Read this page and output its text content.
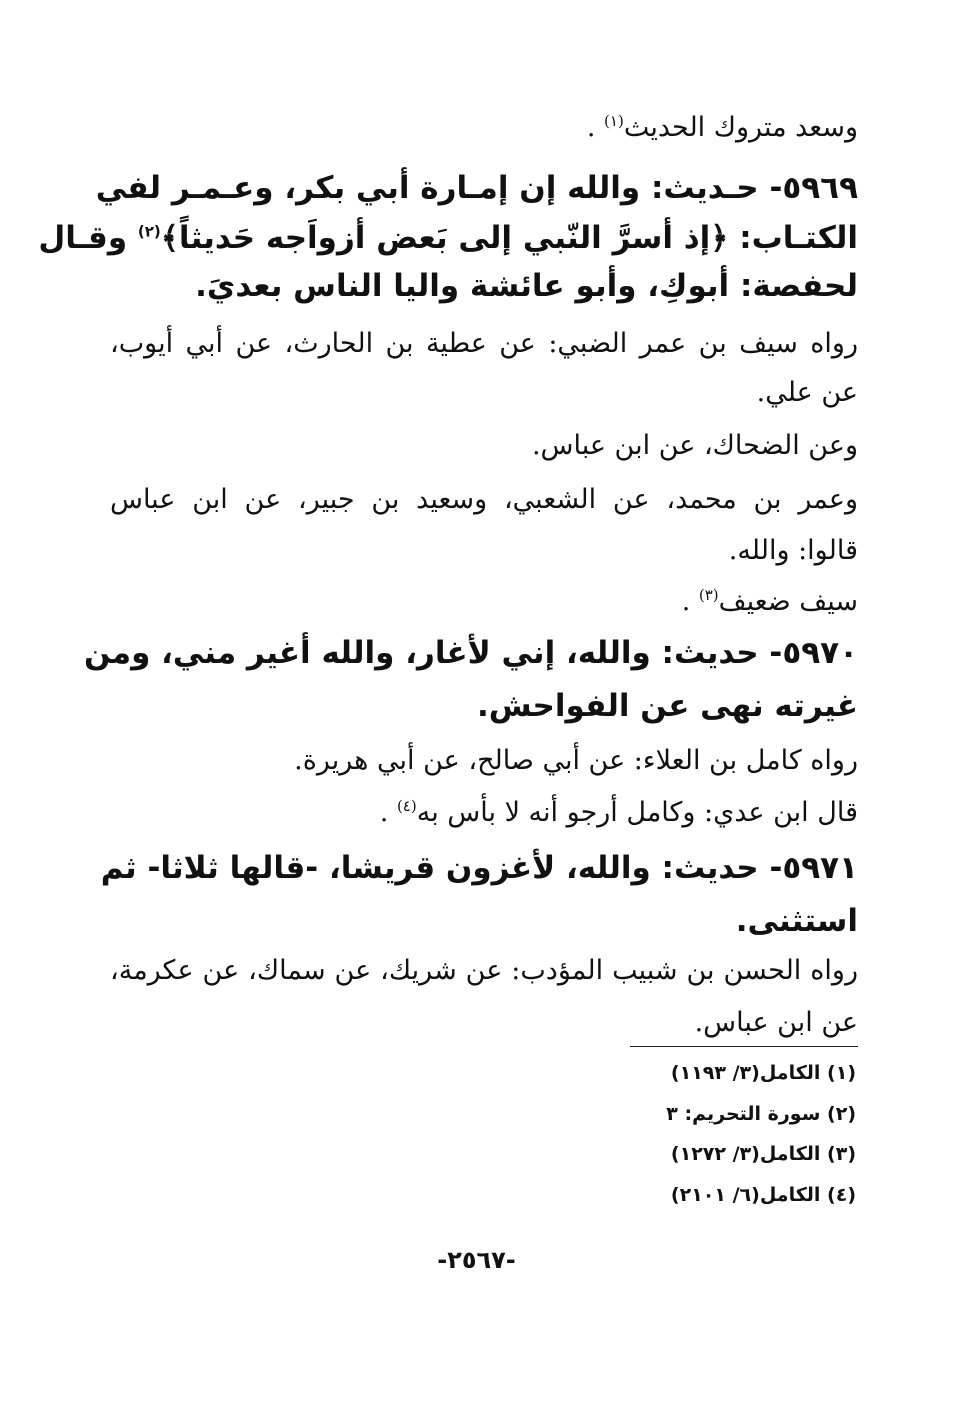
وسعد متروك الحديث$^{(١)}$ .
٥٩٦٩- حـديث: والله إن إمـارة أبي بكر، وعـمـر لفي
الكتـاب: ﴿إذ أسرَّ النّبي إلى بَعض أزواَجه حَديثاً﴾$^{(٢)}$ وقـال
لحفصة: أبوكِ، وأبو عائشة واليا الناس بعديَ.
رواه سيف بن عمر الضبي: عن عطية بن الحارث، عن أبي أيوب،
عن علي.
وعن الضحاك، عن ابن عباس.
وعمر بن محمد، عن الشعبي، وسعيد بن جبير، عن ابن عباس
قالوا: والله.
سيف ضعيف$^{(٣)}$ .
٥٩٧٠- حديث: والله، إني لأغار، والله أغير مني، ومن
غيرته نهى عن الفواحش.
رواه كامل بن العلاء: عن أبي صالح، عن أبي هريرة.
قال ابن عدي: وكامل أرجو أنه لا بأس به$^{(٤)}$ .
٥٩٧١- حديث: والله، لأغزون قريشا، -قالها ثلاثا- ثم
استثنى.
رواه الحسن بن شبيب المؤدب: عن شريك، عن سماك، عن عكرمة،
عن ابن عباس.
(١) الكامل(٣/ ١١٩٣)
(٢) سورة التحريم: ٣
(٣) الكامل(٣/ ١٢٧٢)
(٤) الكامل(٦/ ٢١٠١)
-٢٥٦٧-
